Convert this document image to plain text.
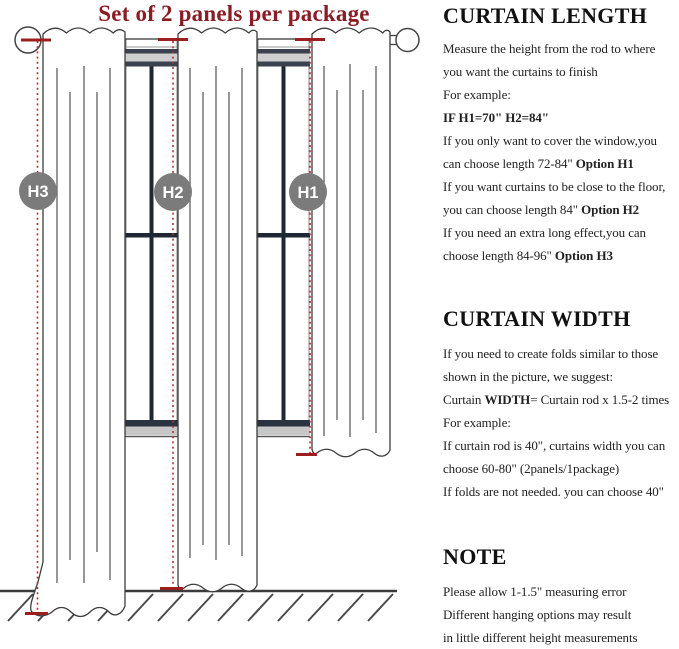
Set of 2 panels per package
H3	H2	H1
CURTAIN LENGTH
Measure the height from the rod to where
you want the curtains to finish
For example:
IF H1=70" H2=84"
If you only want to cover the window,you
can choose length 72-84" Option H1
If you want curtains to be close to the floor,
you can choose length 84" Option H2
If you need an extra long effect,you can
choose length 84-96" Option H3
CURTAIN WIDTH
If you need to create folds similar to those
shown in the picture, we suggest:
Curtain WIDTH= Curtain rod x 1.5-2 times
For example:
If curtain rod is 40", curtains width you can
choose 60-80" (2panels/1package)
If folds are not needed. you can choose 40"
NOTE
Please allow 1-1.5" measuring error
Different hanging options may result
in little different height measurements
